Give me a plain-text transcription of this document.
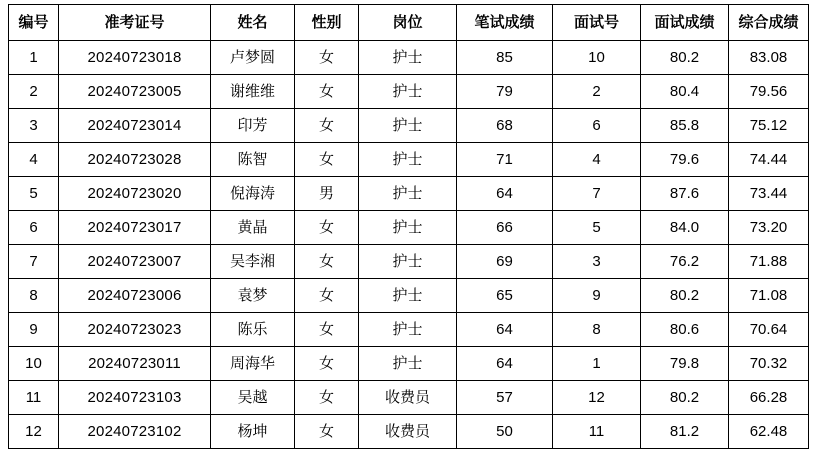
编号	准考证号	姓名	性别	岗位	笔试成绩	面试号	面试成绩	综合成绩
1	20240723018	卢梦圆	女	护士	85	10	80.2	83.08
2	20240723005	谢维维	女	护士	79	2	80.4	79.56
3	20240723014	印芳	女	护士	68	6	85.8	75.12
4	20240723028	陈智	女	护士	71	4	79.6	74.44
5	20240723020	倪海涛	男	护士	64	7	87.6	73.44
6	20240723017	黄晶	女	护士	66	5	84.0	73.20
7	20240723007	吴李湘	女	护士	69	3	76.2	71.88
8	20240723006	袁梦	女	护士	65	9	80.2	71.08
9	20240723023	陈乐	女	护士	64	8	80.6	70.64
10	20240723011	周海华	女	护士	64	1	79.8	70.32
11	20240723103	吴越	女	收费员	57	12	80.2	66.28
12	20240723102	杨坤	女	收费员	50	11	81.2	62.48
